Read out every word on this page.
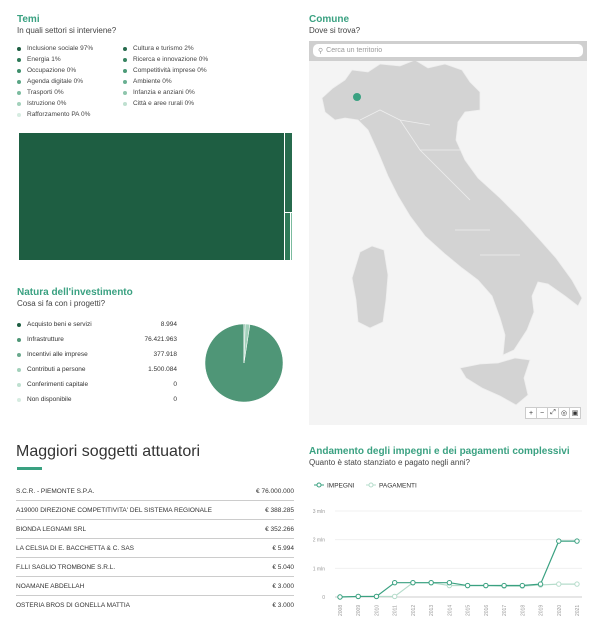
Temi
In quali settori si interviene?
Inclusione sociale 97%
Energia 1%
Occupazione 0%
Agenda digitale 0%
Trasporti 0%
Istruzione 0%
Rafforzamento PA 0%
Cultura e turismo 2%
Ricerca e innovazione 0%
Competitività imprese 0%
Ambiente 0%
Infanzia e anziani 0%
Città e aree rurali 0%
Natura dell'investimento
Cosa si fa con i progetti?
Acquisto beni e servizi	8.994
Infrastrutture	76.421.963
Incentivi alle imprese	377.918
Contributi a persone	1.500.084
Conferimenti capitale	0
Non disponibile	0
Comune
Dove si trova?
⚲ Cerca un territorio
+ − ⤢ ◎ ▣
Maggiori soggetti attuatori
S.C.R. - PIEMONTE S.P.A.	€ 76.000.000
A19000 DIREZIONE COMPETITIVITA' DEL SISTEMA REGIONALE	€ 388.285
BIONDA LEGNAMI SRL	€ 352.266
LA CELSIA DI E. BACCHETTA & C. SAS	€ 5.994
F.LLI SAGLIO TROMBONE S.R.L.	€ 5.040
NOAMANE ABDELLAH	€ 3.000
OSTERIA BROS DI GONELLA MATTIA	€ 3.000
Andamento degli impegni e dei pagamenti complessivi
Quanto è stato stanziato e pagato negli anni?
IMPEGNI	PAGAMENTI
0
1 mln
2 mln
3 mln
2008 2009 2010 2011 2012 2013 2014 2015 2016 2017 2018 2019 2020 2021
